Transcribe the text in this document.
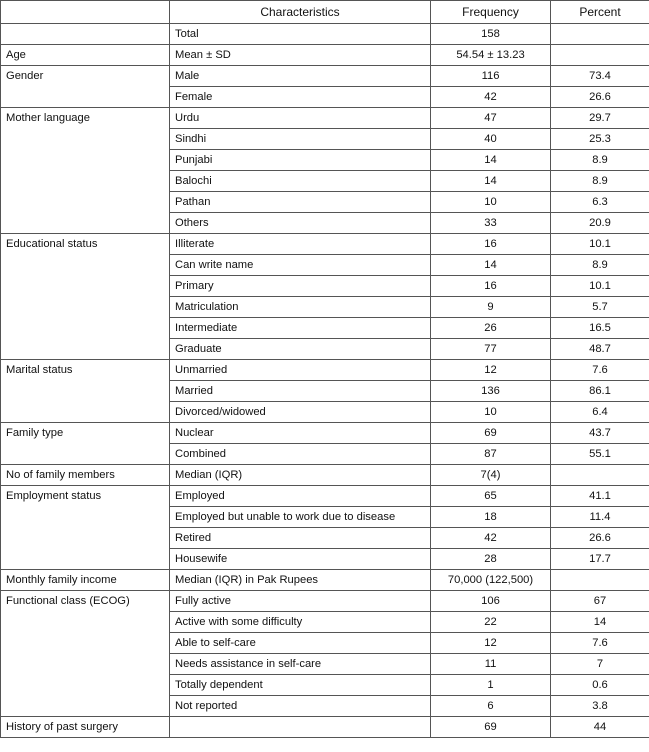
	Characteristics	Frequency	Percent
	Total	158	
Age	Mean ± SD	54.54 ± 13.23	
Gender	Male	116	73.4
	Female	42	26.6
Mother language	Urdu	47	29.7
	Sindhi	40	25.3
	Punjabi	14	8.9
	Balochi	14	8.9
	Pathan	10	6.3
	Others	33	20.9
Educational status	Illiterate	16	10.1
	Can write name	14	8.9
	Primary	16	10.1
	Matriculation	9	5.7
	Intermediate	26	16.5
	Graduate	77	48.7
Marital status	Unmarried	12	7.6
	Married	136	86.1
	Divorced/widowed	10	6.4
Family type	Nuclear	69	43.7
	Combined	87	55.1
No of family members	Median (IQR)	7(4)	
Employment status	Employed	65	41.1
	Employed but unable to work due to disease	18	11.4
	Retired	42	26.6
	Housewife	28	17.7
Monthly family income	Median (IQR) in Pak Rupees	70,000 (122,500)	
Functional class (ECOG)	Fully active	106	67
	Active with some difficulty	22	14
	Able to self-care	12	7.6
	Needs assistance in self-care	11	7
	Totally dependent	1	0.6
	Not reported	6	3.8
History of past surgery		69	44
